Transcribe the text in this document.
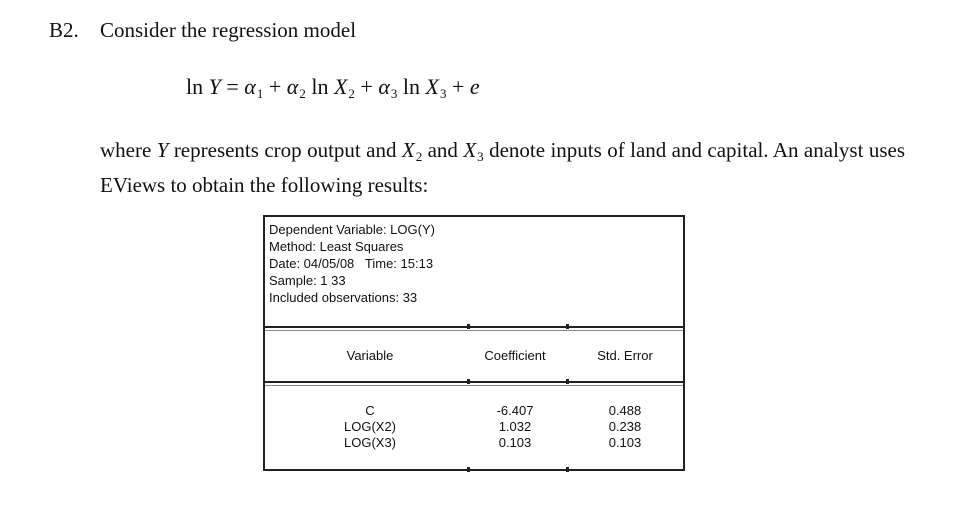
B2. Consider the regression model
$\ln Y = \alpha_1 + \alpha_2$ $\ln X_2 + \alpha_3$ $\ln X_3 + e$
where Y represents crop output and $X_2$ and $X_3$ denote inputs of land and capital. An analyst uses EViews to obtain the following results:
Dependent Variable: LOG(Y)
Method: Least Squares
Date: 04/05/08   Time: 15:13
Sample: 1 33
Included observations: 33
Variable	Coefficient	Std. Error
C
LOG(X2)
LOG(X3)
-6.407
1.032
0.103
0.488
0.238
0.103
